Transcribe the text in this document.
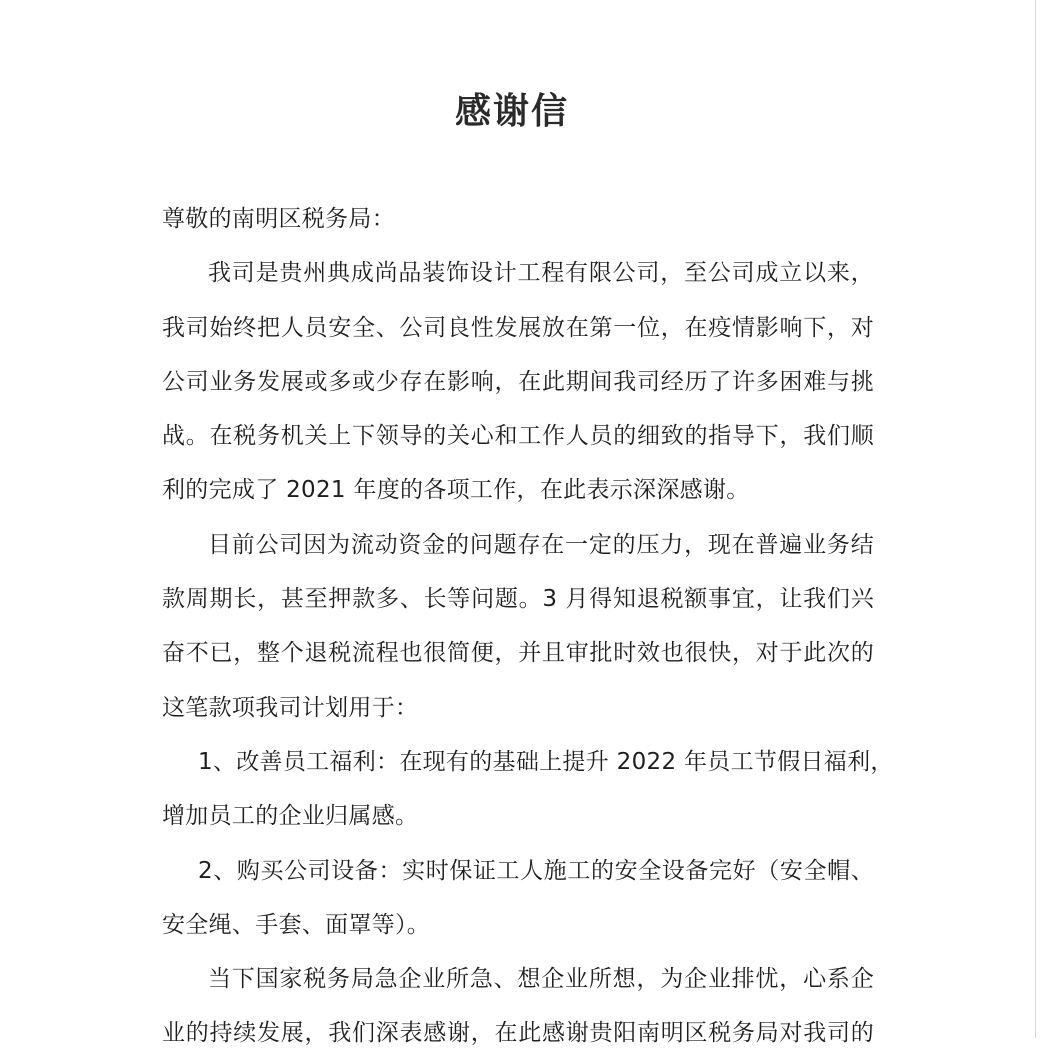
感谢信
尊敬的南明区税务局：
我司是贵州典成尚品装饰设计工程有限公司，至公司成立以来，
我司始终把人员安全、公司良性发展放在第一位，在疫情影响下，对
公司业务发展或多或少存在影响，在此期间我司经历了许多困难与挑
战。在税务机关上下领导的关心和工作人员的细致的指导下，我们顺
利的完成了 2021 年度的各项工作，在此表示深深感谢。
目前公司因为流动资金的问题存在一定的压力，现在普遍业务结
款周期长，甚至押款多、长等问题。3 月得知退税额事宜，让我们兴
奋不已，整个退税流程也很简便，并且审批时效也很快，对于此次的
这笔款项我司计划用于：
1、改善员工福利：在现有的基础上提升 2022 年员工节假日福利，
增加员工的企业归属感。
2、购买公司设备：实时保证工人施工的安全设备完好（安全帽、
安全绳、手套、面罩等）。
当下国家税务局急企业所急、想企业所想，为企业排忧，心系企
业的持续发展，我们深表感谢，在此感谢贵阳南明区税务局对我司的
